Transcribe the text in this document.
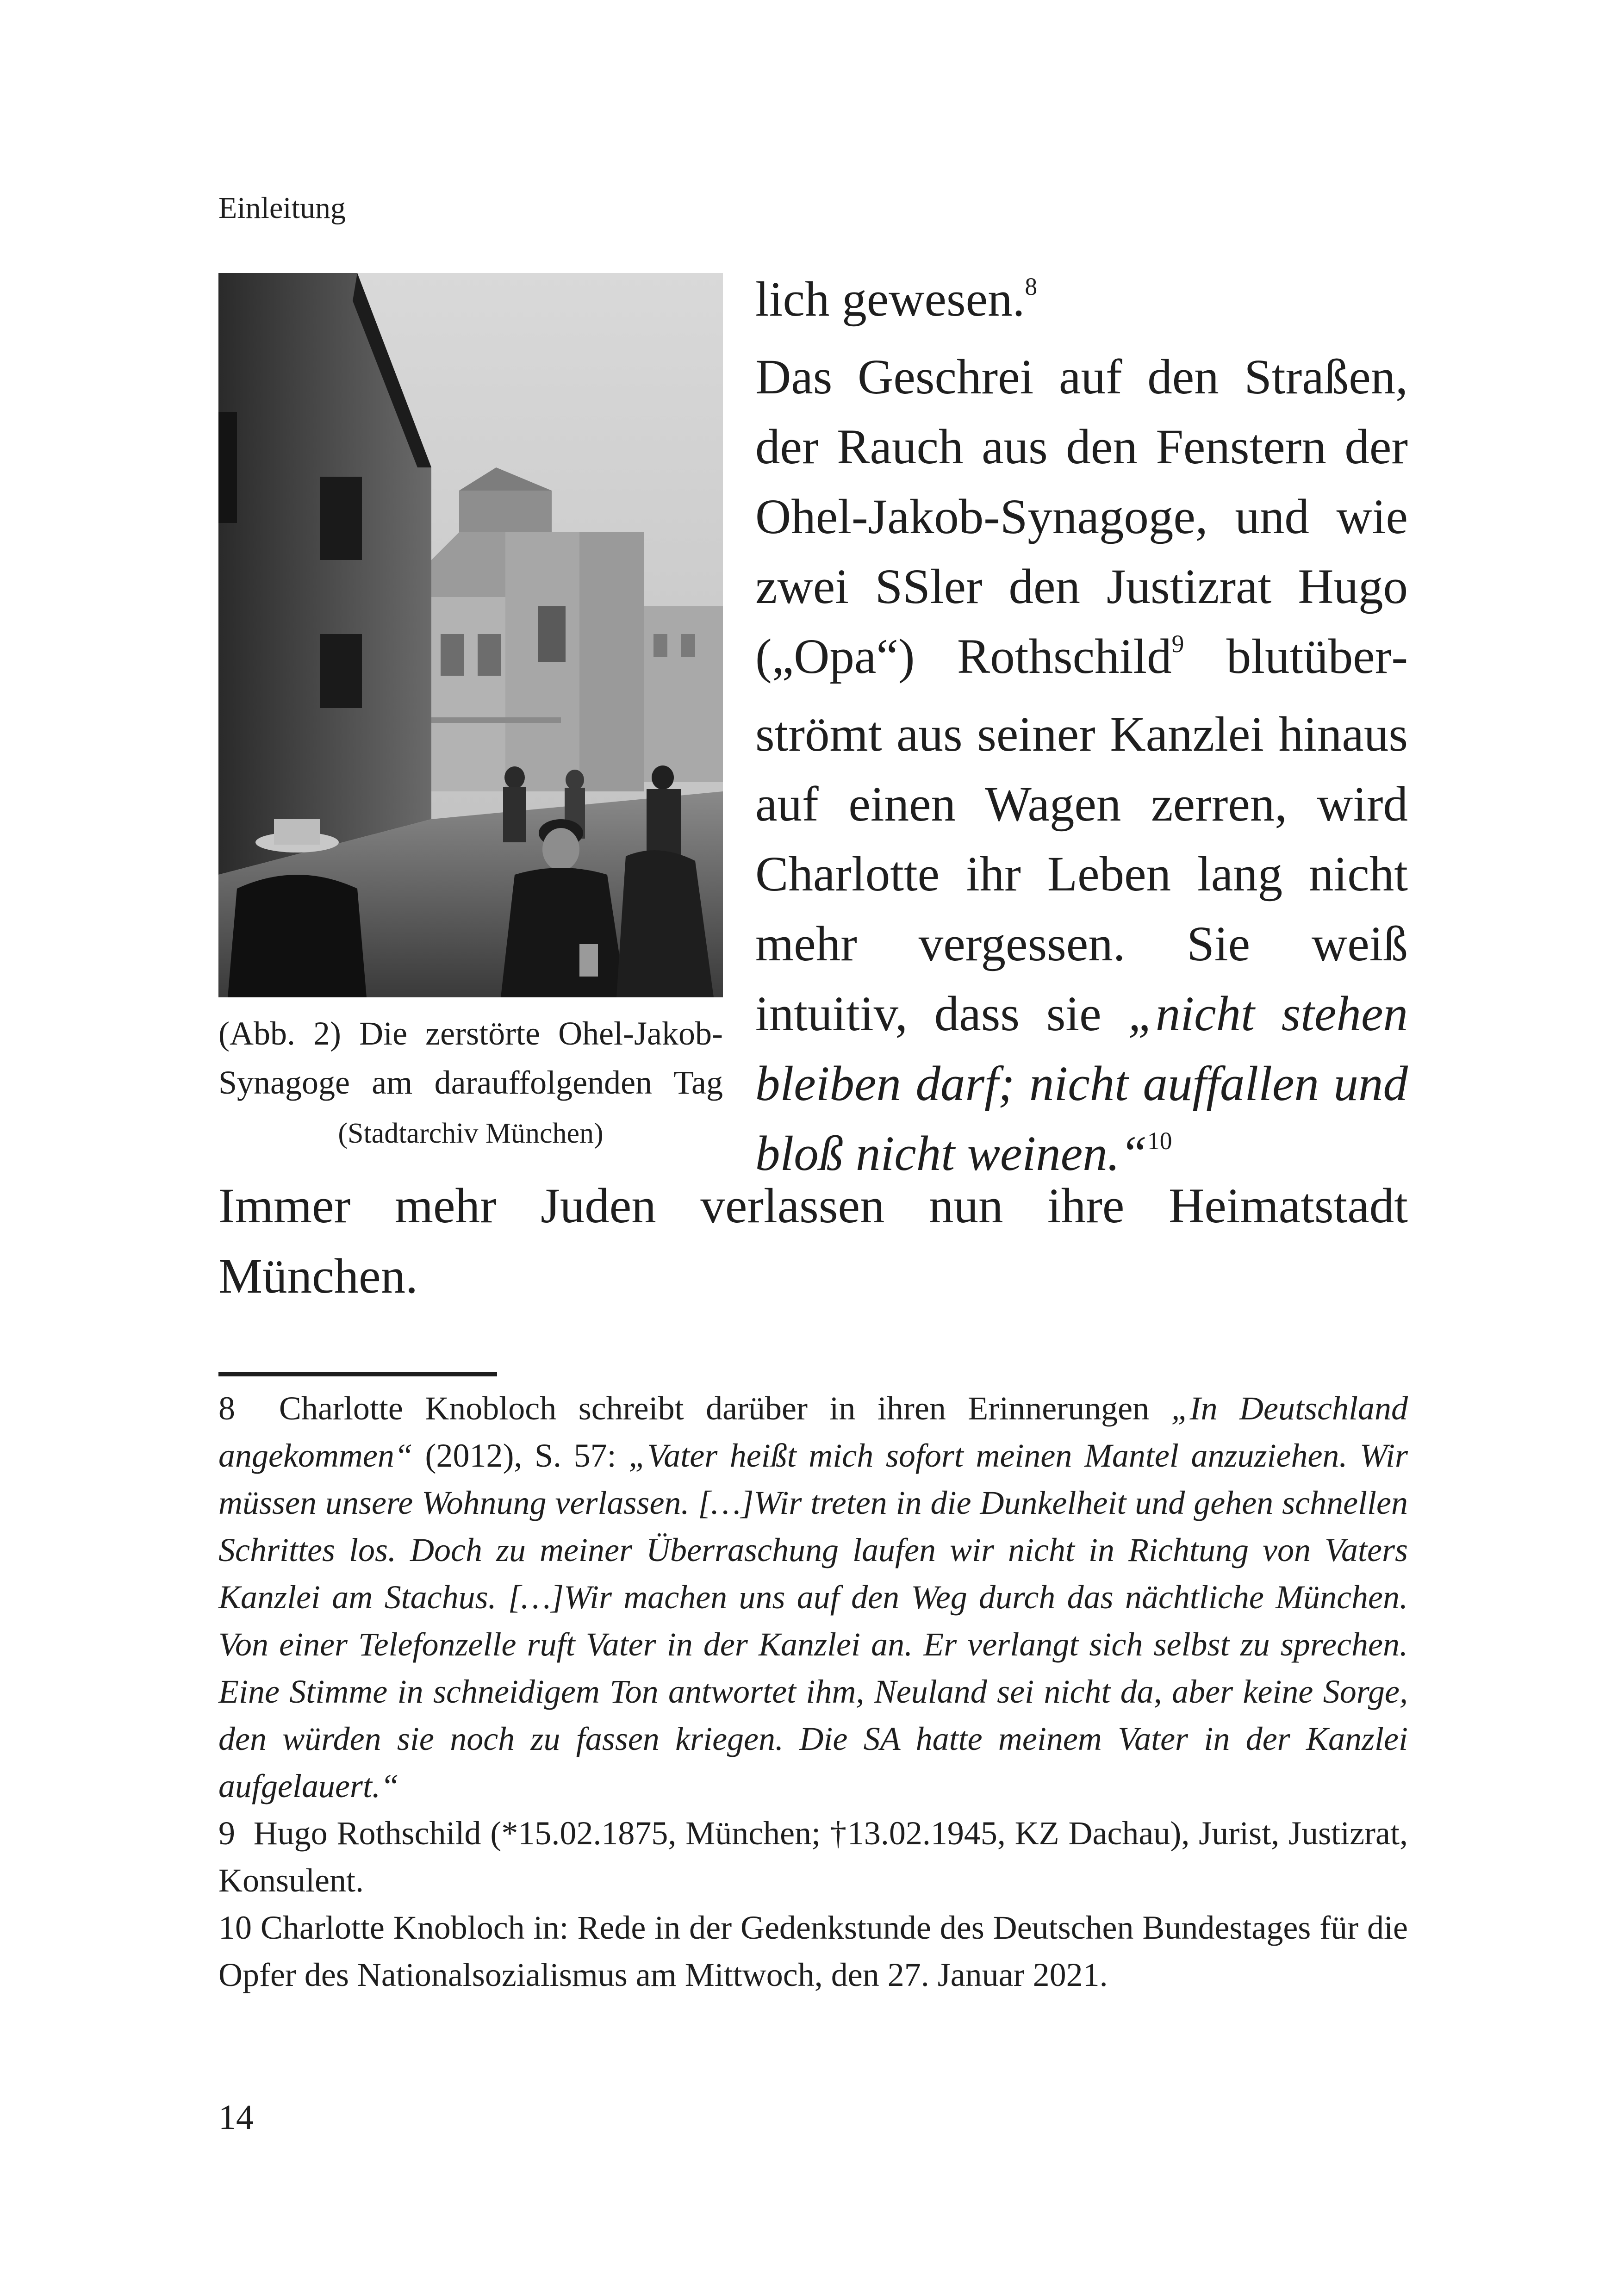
Einleitung
(Abb. 2) Die zerstörte Ohel-Jakob-Synagoge am darauffolgenden Tag (Stadtarchiv München)

lich gewesen.$^8$

Das Geschrei auf den Straßen, der Rauch aus den Fenstern der Ohel-Jakob-Synagoge, und wie zwei SSler den Justizrat Hugo („Opa“) Rothschild$^9$ blutüberströmt aus seiner Kanzlei hinaus auf einen Wagen zerren, wird Charlotte ihr Leben lang nicht mehr vergessen. Sie weiß intuitiv, dass sie „nicht stehen bleiben darf; nicht auffallen und bloß nicht weinen.“$^{10}$

Immer mehr Juden verlassen nun ihre Heimatstadt München.

8 Charlotte Knobloch schreibt darüber in ihren Erinnerungen „In Deutschland angekommen“ (2012), S. 57: „Vater heißt mich sofort meinen Mantel anzuziehen. Wir müssen unsere Wohnung verlassen. […]Wir treten in die Dunkelheit und gehen schnellen Schrittes los. Doch zu meiner Überraschung laufen wir nicht in Richtung von Vaters Kanzlei am Stachus. […]Wir machen uns auf den Weg durch das nächtliche München. Von einer Telefonzelle ruft Vater in der Kanzlei an. Er verlangt sich selbst zu sprechen. Eine Stimme in schneidigem Ton antwortet ihm, Neuland sei nicht da, aber keine Sorge, den würden sie noch zu fassen kriegen. Die SA hatte meinem Vater in der Kanzlei aufgelauert.“

9 Hugo Rothschild (*15.02.1875, München; †13.02.1945, KZ Dachau), Jurist, Justizrat, Konsulent.

10 Charlotte Knobloch in: Rede in der Gedenkstunde des Deutschen Bundestages für die Opfer des Nationalsozialismus am Mittwoch, den 27. Januar 2021.

14
